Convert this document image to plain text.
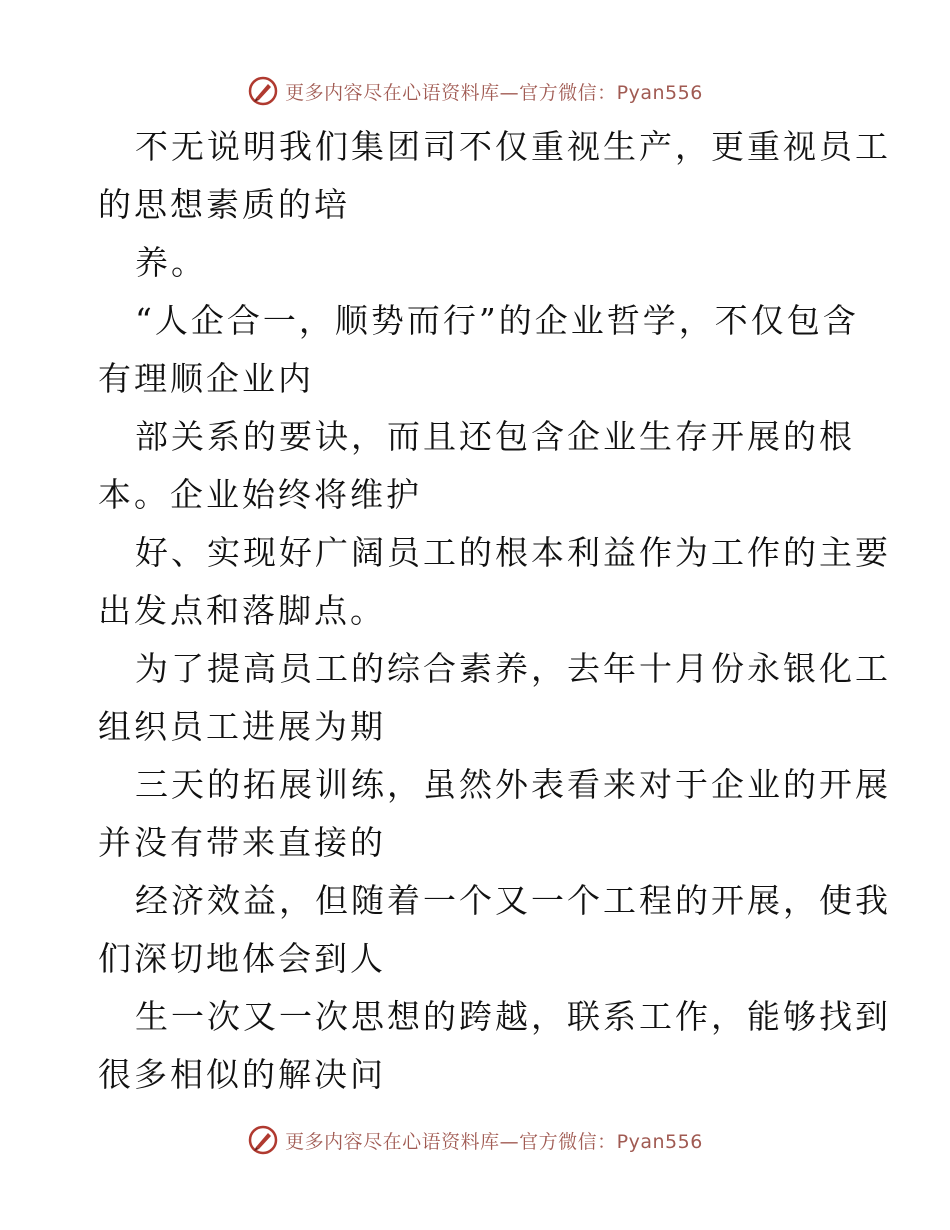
更多内容尽在心语资料库—官方微信：Pyan556
不无说明我们集团司不仅重视生产，更重视员工
的思想素质的培
养。
“人企合一，顺势而行”的企业哲学，不仅包含
有理顺企业内
部关系的要诀，而且还包含企业生存开展的根
本。企业始终将维护
好、实现好广阔员工的根本利益作为工作的主要
出发点和落脚点。
为了提高员工的综合素养，去年十月份永银化工
组织员工进展为期
三天的拓展训练，虽然外表看来对于企业的开展
并没有带来直接的
经济效益，但随着一个又一个工程的开展，使我
们深切地体会到人
生一次又一次思想的跨越，联系工作，能够找到
很多相似的解决问
更多内容尽在心语资料库—官方微信：Pyan556
